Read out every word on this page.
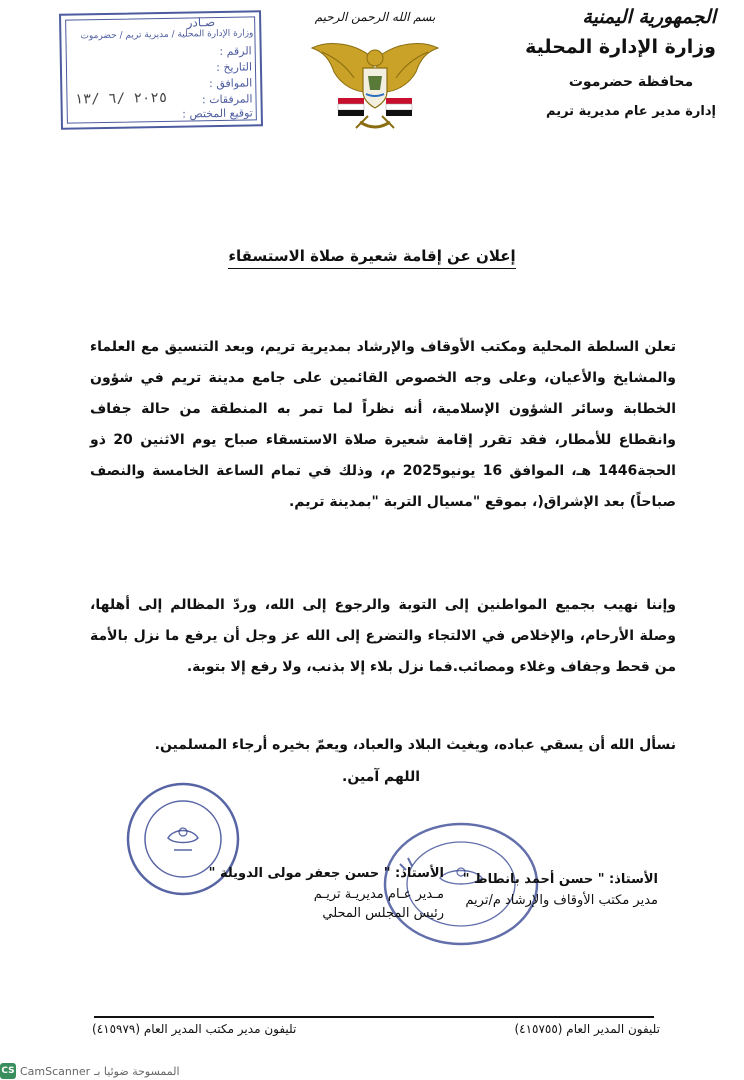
الجمهورية اليمنية
وزارة الإدارة المحلية
محافظة حضرموت
إدارة مدير عام مديرية تريم
بسم الله الرحمن الرحيم
صـادر
وزارة الإدارة المحلية / مديرية تريم / حضرموت
الرقم :
التاريخ :
الموافق :
المرفقات :
توقيع المختص :
٢٠٢٥ /٦ /١٣
إعلان عن إقامة شعيرة صلاة الاستسقاء
تعلن السلطة المحلية ومكتب الأوقاف والإرشاد بمديرية تريم، وبعد التنسيق مع العلماء والمشايخ والأعيان، وعلى وجه الخصوص القائمين على جامع مدينة تريم في شؤون الخطابة وسائر الشؤون الإسلامية، أنه نظراً لما تمر به المنطقة من حالة جفاف وانقطاع للأمطار، فقد تقرر إقامة شعيرة صلاة الاستسقاء صباح يوم الاثنين 20 ذو الحجة1446 هـ، الموافق 16 يونيو2025 م، وذلك في تمام الساعة الخامسة والنصف صباحاً) بعد الإشراق(، بموقع "مسيال التربة "بمدينة تريم.
وإننا نهيب بجميع المواطنين إلى التوبة والرجوع إلى الله، وردّ المظالم إلى أهلها، وصلة الأرحام، والإخلاص في الالتجاء والتضرع إلى الله عز وجل أن يرفع ما نزل بالأمة من قحط وجفاف وغلاء ومصائب.فما نزل بلاء إلا بذنب، ولا رفع إلا بتوبة.
نسأل الله أن يسقي عباده، ويغيث البلاد والعباد، ويعمّ بخيره أرجاء المسلمين.
اللهم آمين.
الأستاذ: " حسن أحمد بانطاط "
مدير مكتب الأوقاف والإرشاد م/تريم
الأستاذ: " حسن جعفر مولى الدويلة "
مـدير عـام مديريـة تريـم
رئيس المجلس المحلي
تليفون المدير العام (٤١٥٧٥٥)
تليفون مدير مكتب المدير العام (٤١٥٩٧٩)
CS CamScanner الممسوحة ضوئيا بـ
